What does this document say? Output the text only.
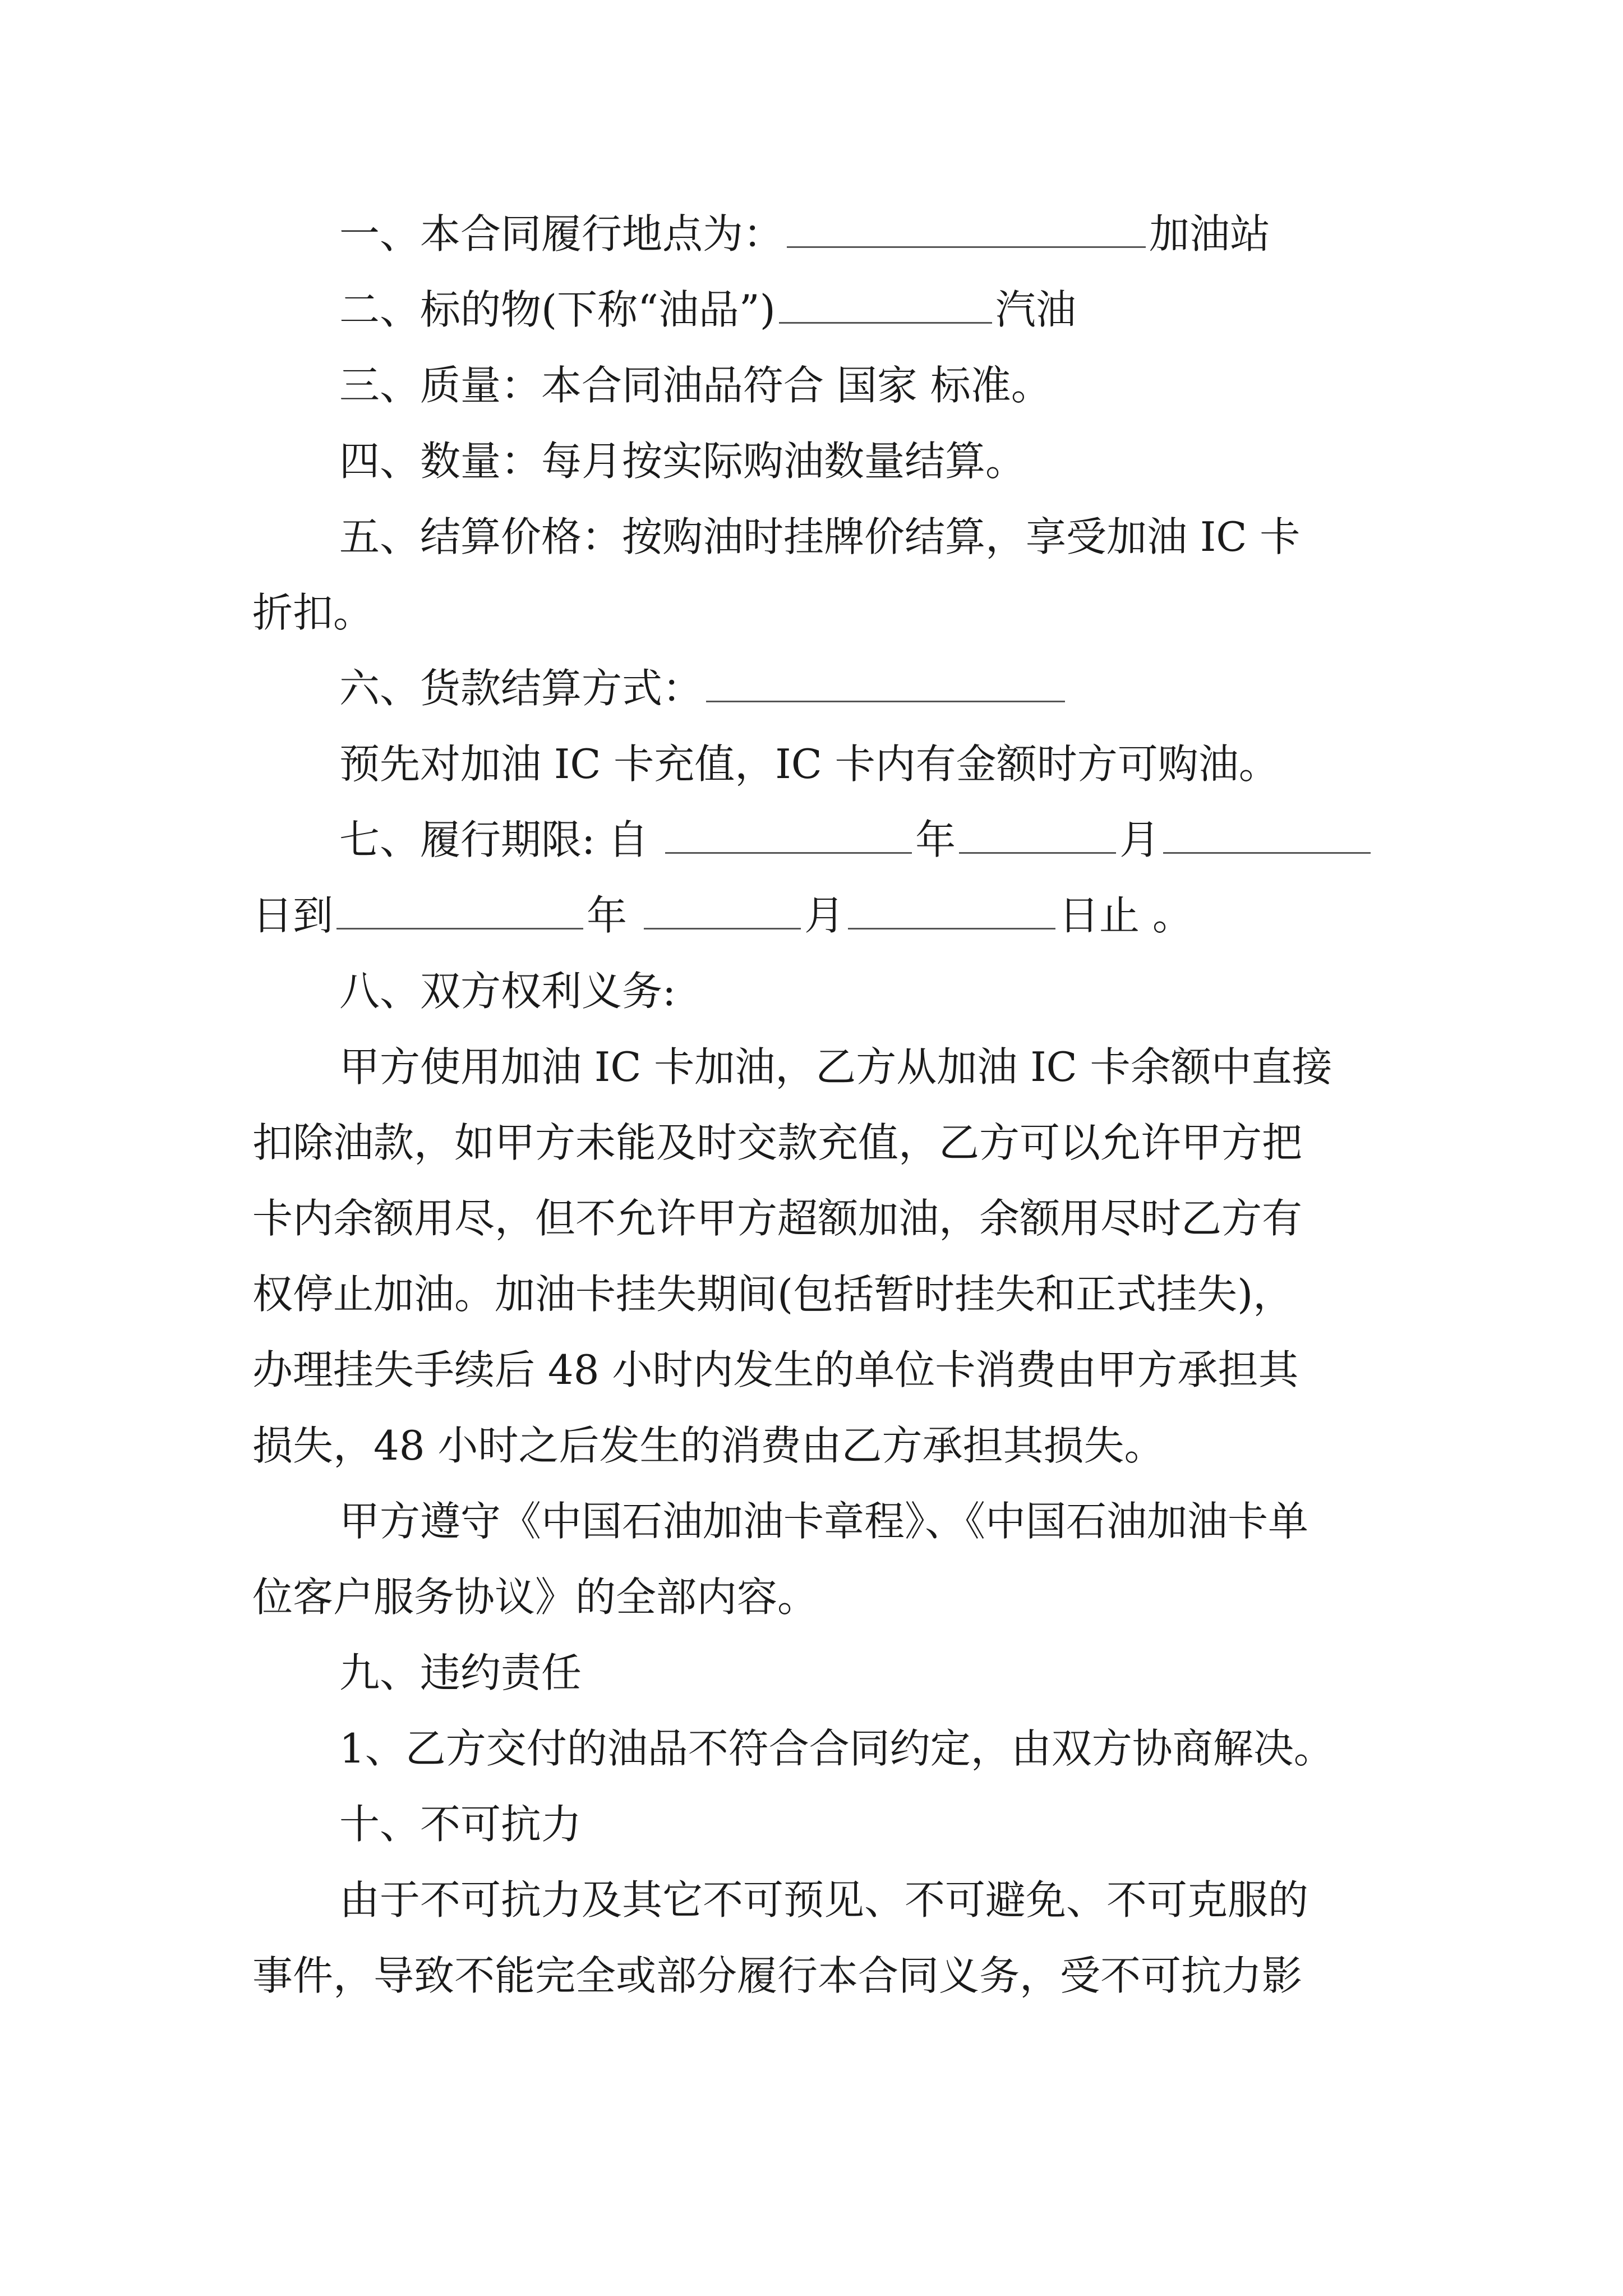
一、本合同履行地点为：	加油站
二、标的物(下称“油品”)	汽油
三、质量：本合同油品符合 国家 标准。
四、数量：每月按实际购油数量结算。
五、结算价格：按购油时挂牌价结算，享受加油 IC 卡
折扣。
六、货款结算方式：
预先对加油 IC 卡充值，IC 卡内有金额时方可购油。
七、履行期限: 自	年	月
日到	年	月	日止 。
八、双方权利义务:
甲方使用加油 IC 卡加油，乙方从加油 IC 卡余额中直接
扣除油款，如甲方未能及时交款充值，乙方可以允许甲方把
卡内余额用尽，但不允许甲方超额加油，余额用尽时乙方有
权停止加油。加油卡挂失期间(包括暂时挂失和正式挂失)，
办理挂失手续后 48 小时内发生的单位卡消费由甲方承担其
损失，48 小时之后发生的消费由乙方承担其损失。
甲方遵守《中国石油加油卡章程》、《中国石油加油卡单
位客户服务协议》的全部内容。
九、违约责任
1、乙方交付的油品不符合合同约定，由双方协商解决。
十、不可抗力
由于不可抗力及其它不可预见、不可避免、不可克服的
事件，导致不能完全或部分履行本合同义务，受不可抗力影
